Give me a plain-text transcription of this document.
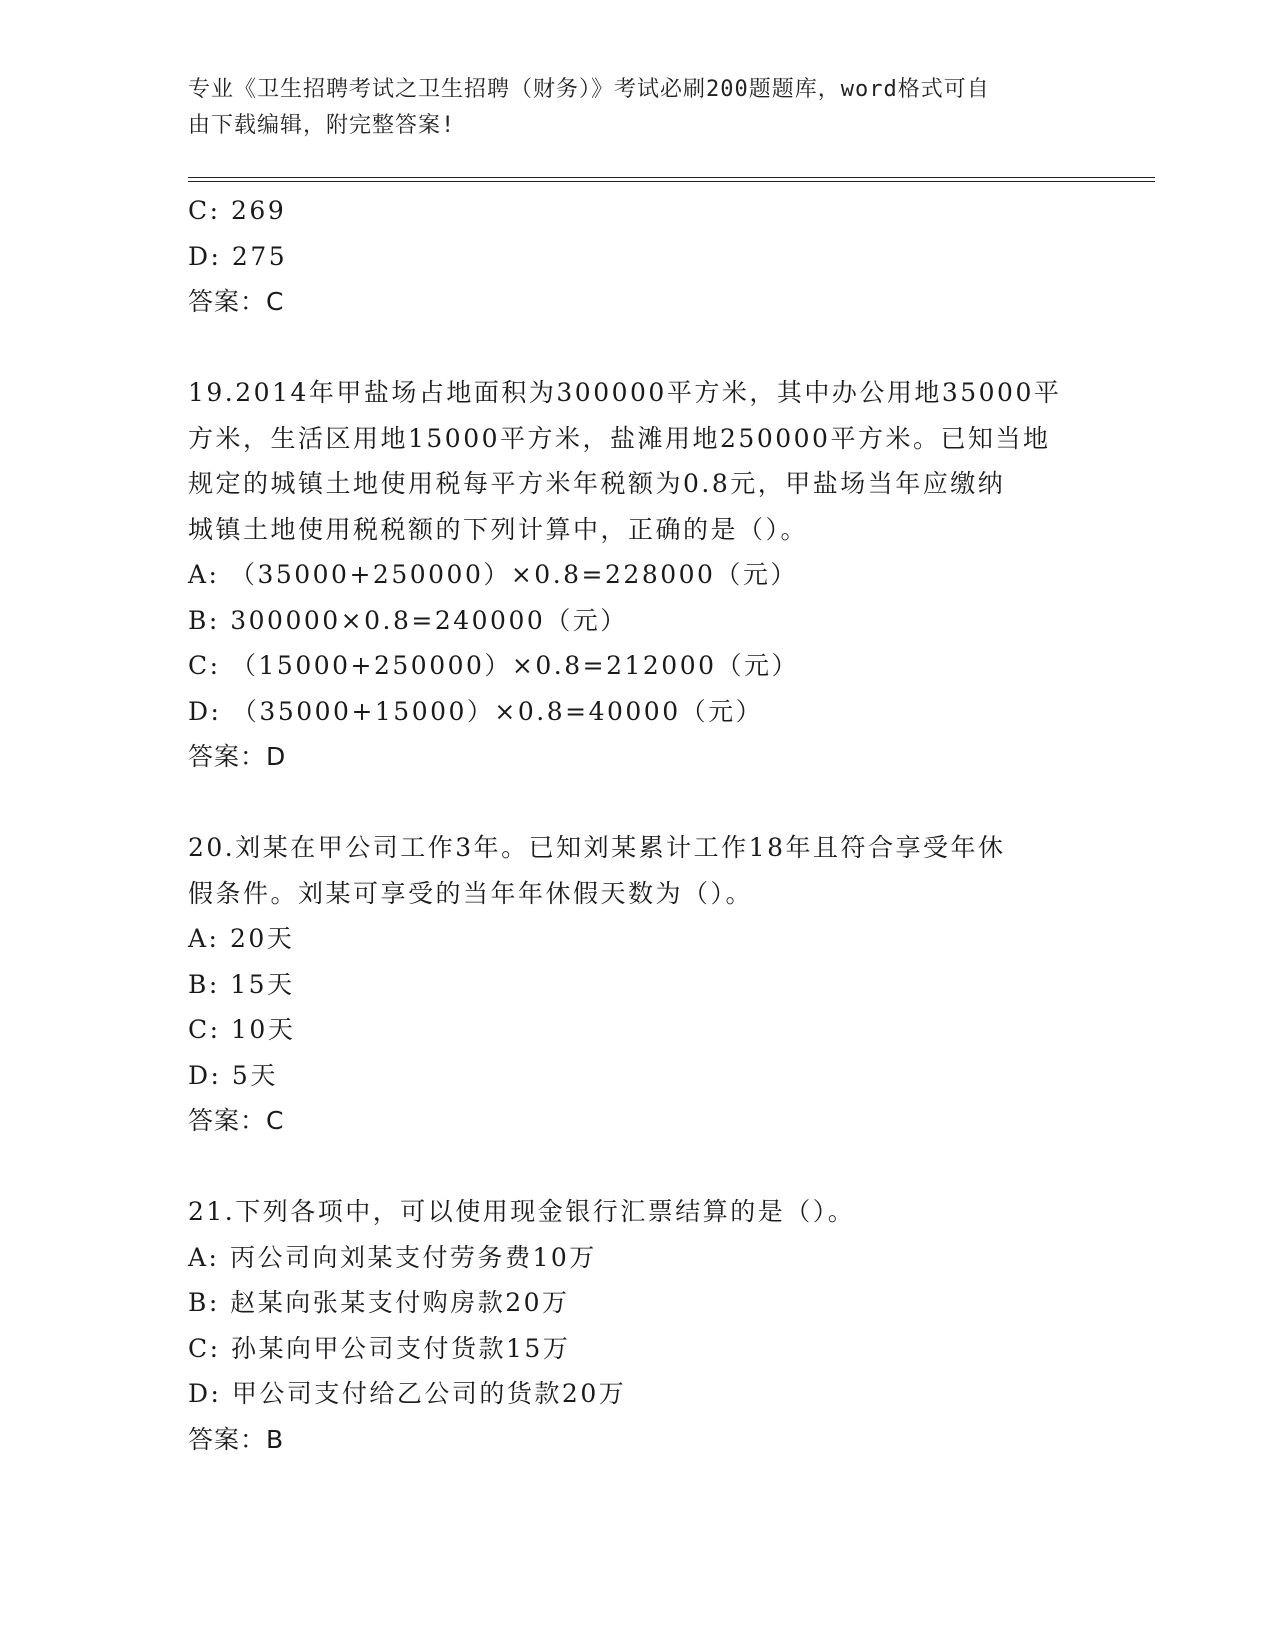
专业《卫生招聘考试之卫生招聘（财务）》考试必刷200题题库，word格式可自
由下载编辑，附完整答案!
C: 269
D: 275
答案：C
19.2014年甲盐场占地面积为300000平方米，其中办公用地35000平
方米，生活区用地15000平方米，盐滩用地250000平方米。已知当地
规定的城镇土地使用税每平方米年税额为0.8元，甲盐场当年应缴纳
城镇土地使用税税额的下列计算中，正确的是（）。
A: （35000+250000）×0.8=228000（元）
B: 300000×0.8=240000（元）
C: （15000+250000）×0.8=212000（元）
D: （35000+15000）×0.8=40000（元）
答案：D
20.刘某在甲公司工作3年。已知刘某累计工作18年且符合享受年休
假条件。刘某可享受的当年年休假天数为（）。
A: 20天
B: 15天
C: 10天
D: 5天
答案：C
21.下列各项中，可以使用现金银行汇票结算的是（）。
A: 丙公司向刘某支付劳务费10万
B: 赵某向张某支付购房款20万
C: 孙某向甲公司支付货款15万
D: 甲公司支付给乙公司的货款20万
答案：B
